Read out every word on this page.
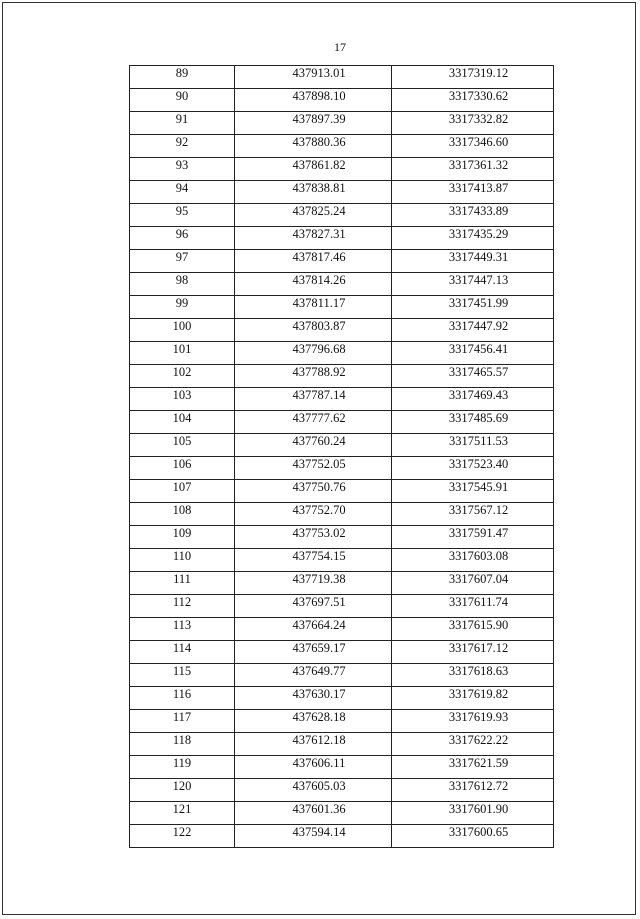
17
89	437913.01	3317319.12
90	437898.10	3317330.62
91	437897.39	3317332.82
92	437880.36	3317346.60
93	437861.82	3317361.32
94	437838.81	3317413.87
95	437825.24	3317433.89
96	437827.31	3317435.29
97	437817.46	3317449.31
98	437814.26	3317447.13
99	437811.17	3317451.99
100	437803.87	3317447.92
101	437796.68	3317456.41
102	437788.92	3317465.57
103	437787.14	3317469.43
104	437777.62	3317485.69
105	437760.24	3317511.53
106	437752.05	3317523.40
107	437750.76	3317545.91
108	437752.70	3317567.12
109	437753.02	3317591.47
110	437754.15	3317603.08
111	437719.38	3317607.04
112	437697.51	3317611.74
113	437664.24	3317615.90
114	437659.17	3317617.12
115	437649.77	3317618.63
116	437630.17	3317619.82
117	437628.18	3317619.93
118	437612.18	3317622.22
119	437606.11	3317621.59
120	437605.03	3317612.72
121	437601.36	3317601.90
122	437594.14	3317600.65
